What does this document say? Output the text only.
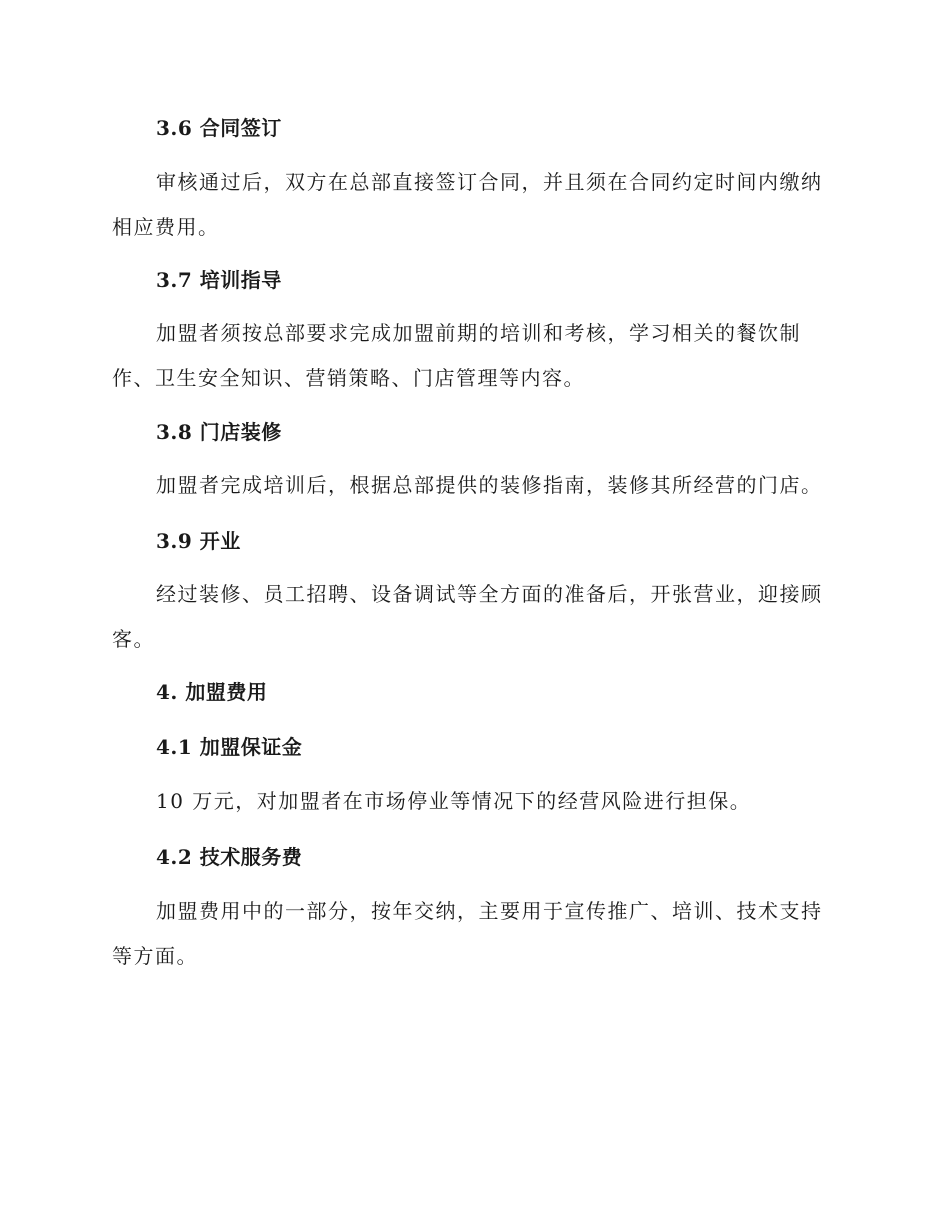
3.6 合同签订

审核通过后，双方在总部直接签订合同，并且须在合同约定时间内缴纳相应费用。

3.7 培训指导

加盟者须按总部要求完成加盟前期的培训和考核，学习相关的餐饮制作、卫生安全知识、营销策略、门店管理等内容。

3.8 门店装修

加盟者完成培训后，根据总部提供的装修指南，装修其所经营的门店。

3.9 开业

经过装修、员工招聘、设备调试等全方面的准备后，开张营业，迎接顾客。

4. 加盟费用
4.1 加盟保证金

10 万元，对加盟者在市场停业等情况下的经营风险进行担保。

4.2 技术服务费

加盟费用中的一部分，按年交纳，主要用于宣传推广、培训、技术支持等方面。
